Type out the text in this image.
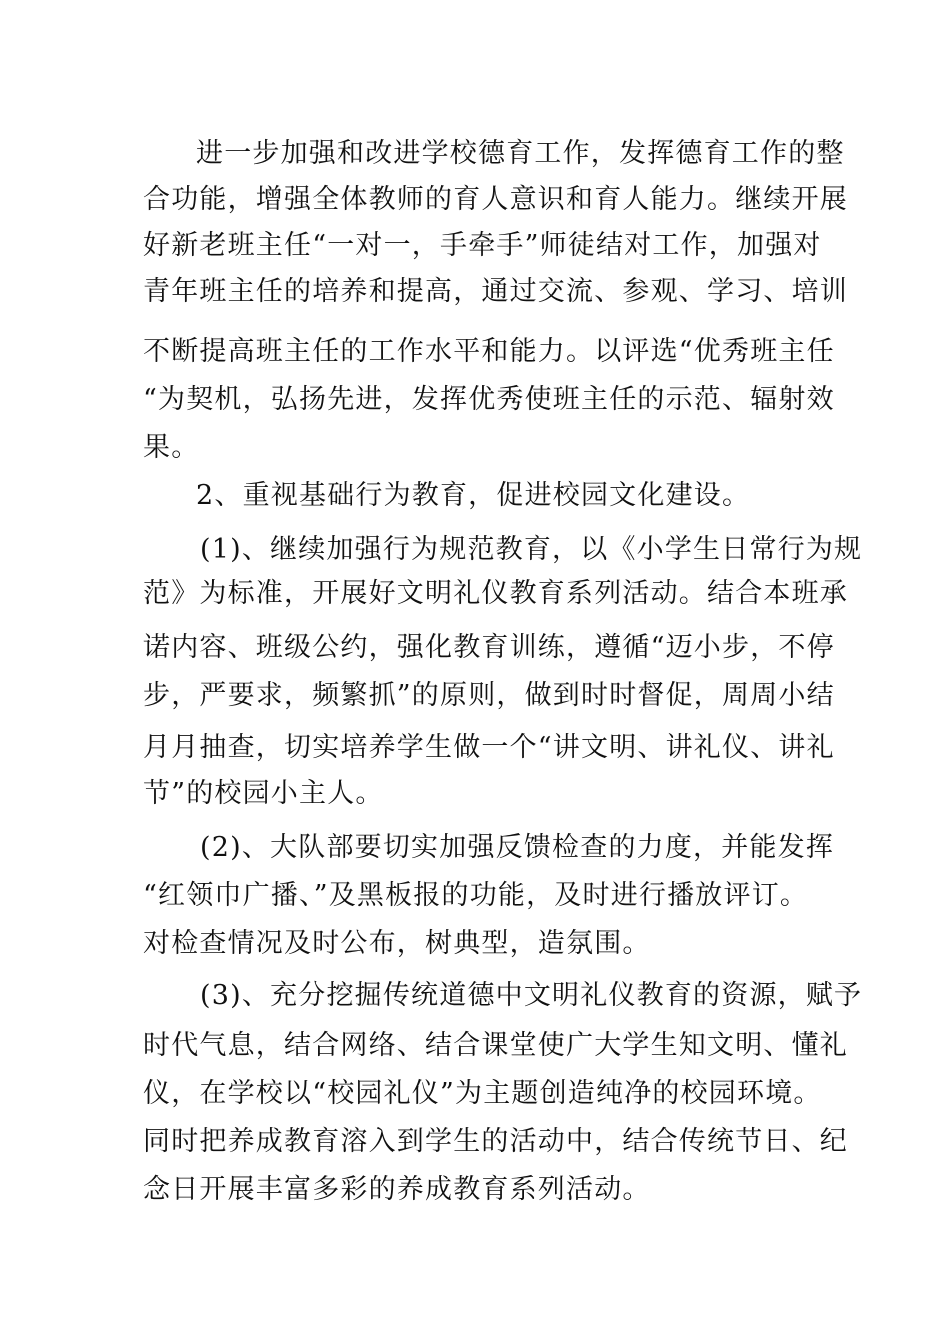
进一步加强和改进学校德育工作，发挥德育工作的整
合功能，增强全体教师的育人意识和育人能力。继续开展
好新老班主任“一对一，手牵手”师徒结对工作，加强对
青年班主任的培养和提高，通过交流、参观、学习、培训
不断提高班主任的工作水平和能力。以评选“优秀班主任
“为契机，弘扬先进，发挥优秀使班主任的示范、辐射效
果。
2、重视基础行为教育，促进校园文化建设。
(1)、继续加强行为规范教育，以《小学生日常行为规
范》为标准，开展好文明礼仪教育系列活动。结合本班承
诺内容、班级公约，强化教育训练，遵循“迈小步，不停
步，严要求，频繁抓”的原则，做到时时督促，周周小结
月月抽查，切实培养学生做一个“讲文明、讲礼仪、讲礼
节”的校园小主人。
(2)、大队部要切实加强反馈检查的力度，并能发挥
“红领巾广播、”及黑板报的功能，及时进行播放评订。
对检查情况及时公布，树典型，造氛围。
(3)、充分挖掘传统道德中文明礼仪教育的资源，赋予
时代气息，结合网络、结合课堂使广大学生知文明、懂礼
仪，在学校以“校园礼仪”为主题创造纯净的校园环境。
同时把养成教育溶入到学生的活动中，结合传统节日、纪
念日开展丰富多彩的养成教育系列活动。
